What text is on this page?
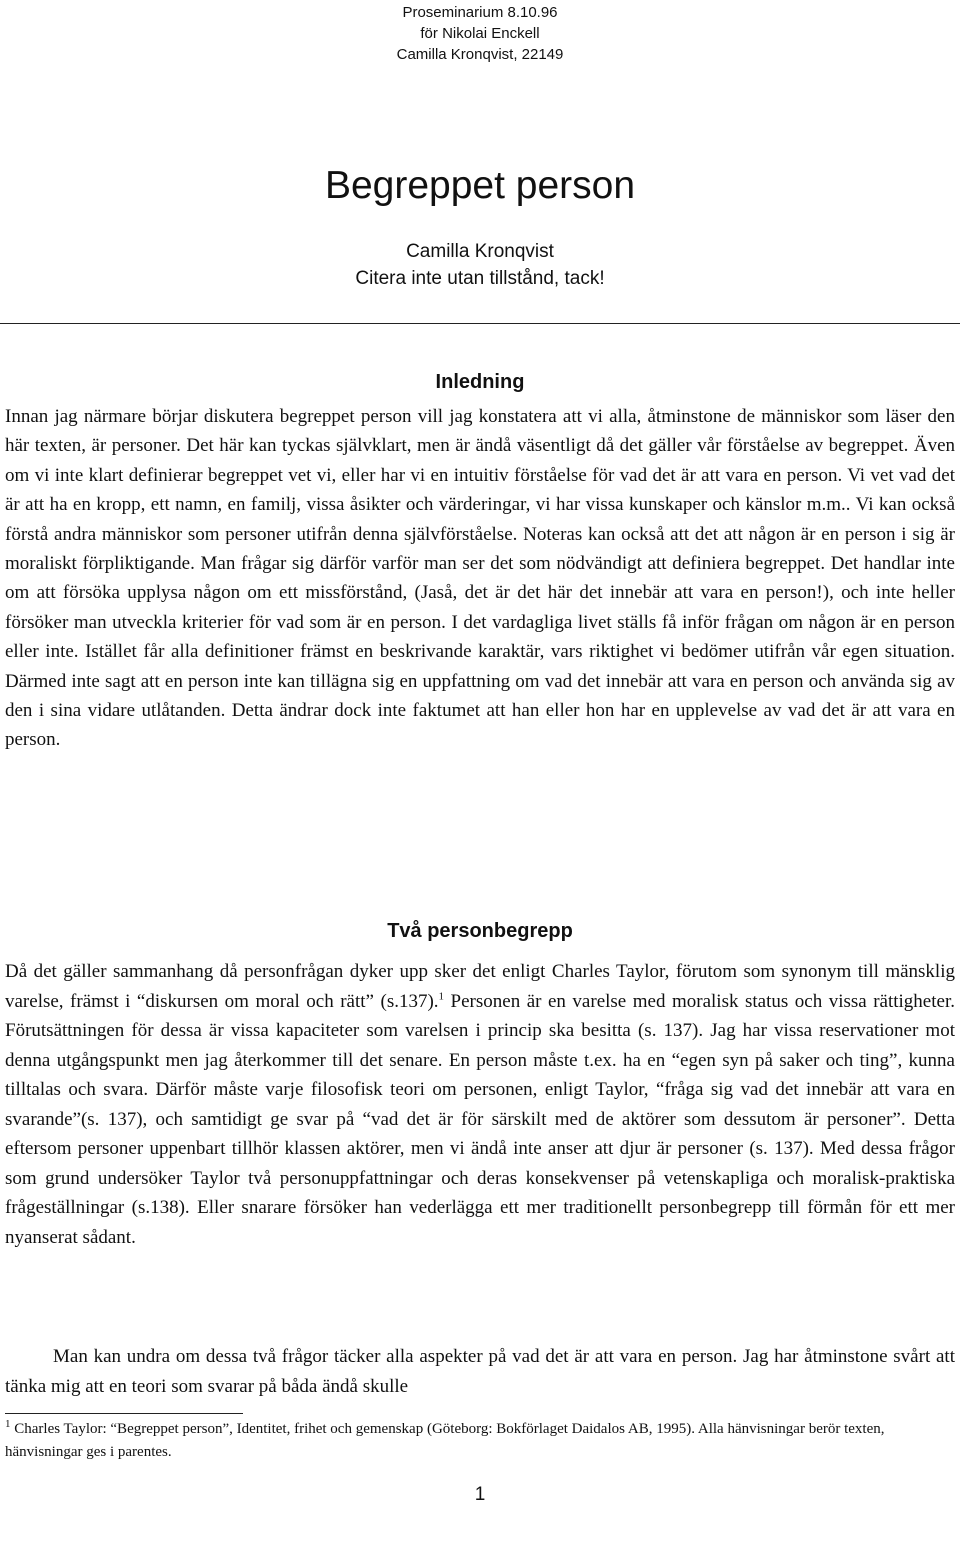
Proseminarium 8.10.96
för Nikolai Enckell
Camilla Kronqvist, 22149
Begreppet person
Camilla Kronqvist
Citera inte utan tillstånd, tack!
Inledning

Innan jag närmare börjar diskutera begreppet person vill jag konstatera att vi alla, åtminstone de människor som läser den här texten, är personer. Det här kan tyckas självklart, men är ändå väsentligt då det gäller vår förståelse av begreppet. Även om vi inte klart definierar begreppet vet vi, eller har vi en intuitiv förståelse för vad det är att vara en person. Vi vet vad det är att ha en kropp, ett namn, en familj, vissa åsikter och värderingar, vi har vissa kunskaper och känslor m.m.. Vi kan också förstå andra människor som personer utifrån denna självförståelse. Noteras kan också att det att någon är en person i sig är moraliskt förpliktigande. Man frågar sig därför varför man ser det som nödvändigt att definiera begreppet. Det handlar inte om att försöka upplysa någon om ett missförstånd, (Jaså, det är det här det innebär att vara en person!), och inte heller försöker man utveckla kriterier för vad som är en person. I det vardagliga livet ställs få inför frågan om någon är en person eller inte. Istället får alla definitioner främst en beskrivande karaktär, vars riktighet vi bedömer utifrån vår egen situation. Därmed inte sagt att en person inte kan tillägna sig en uppfattning om vad det innebär att vara en person och använda sig av den i sina vidare utlåtanden. Detta ändrar dock inte faktumet att han eller hon har en upplevelse av vad det är att vara en person.

Två personbegrepp

Då det gäller sammanhang då personfrågan dyker upp sker det enligt Charles Taylor, förutom som synonym till mänsklig varelse, främst i “diskursen om moral och rätt” (s.137).$^1$ Personen är en varelse med moralisk status och vissa rättigheter. Förutsättningen för dessa är vissa kapaciteter som varelsen i princip ska besitta (s. 137). Jag har vissa reservationer mot denna utgångspunkt men jag återkommer till det senare. En person måste t.ex. ha en “egen syn på saker och ting”, kunna tilltalas och svara. Därför måste varje filosofisk teori om personen, enligt Taylor, “fråga sig vad det innebär att vara en svarande”(s. 137), och samtidigt ge svar på “vad det är för särskilt med de aktörer som dessutom är personer”. Detta eftersom personer uppenbart tillhör klassen aktörer, men vi ändå inte anser att djur är personer (s. 137). Med dessa frågor som grund undersöker Taylor två personuppfattningar och deras konsekvenser på vetenskapliga och moralisk-praktiska frågeställningar (s.138). Eller snarare försöker han vederlägga ett mer traditionellt personbegrepp till förmån för ett mer nyanserat sådant.

Man kan undra om dessa två frågor täcker alla aspekter på vad det är att vara en person. Jag har åtminstone svårt att tänka mig att en teori som svarar på båda ändå skulle

$^1$ Charles Taylor: “Begreppet person”, Identitet, frihet och gemenskap (Göteborg: Bokförlaget Daidalos AB, 1995). Alla hänvisningar berör texten, hänvisningar ges i parentes.

1
